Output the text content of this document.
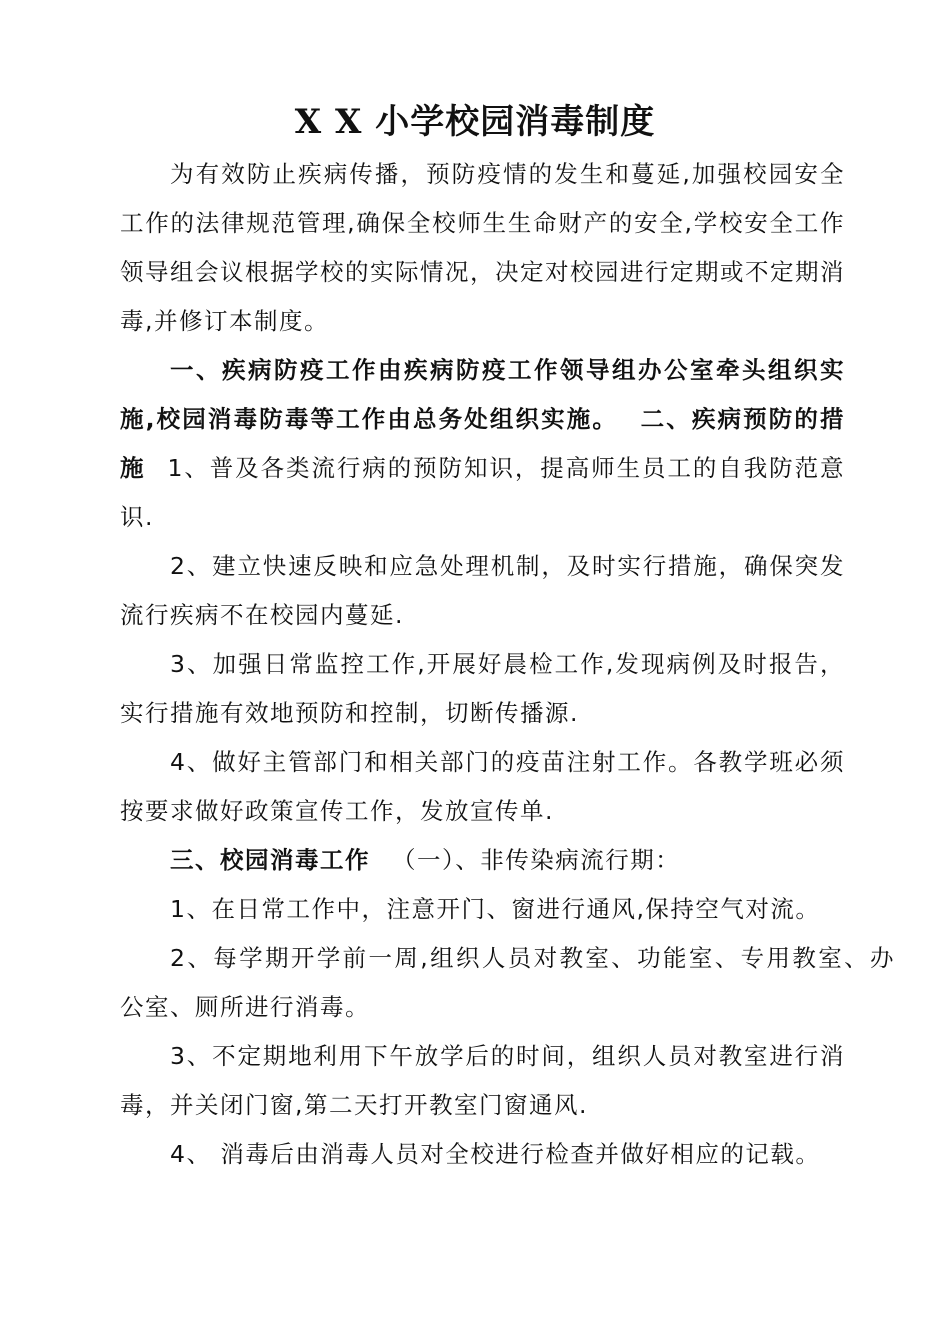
X X 小学校园消毒制度

为有效防止疾病传播，预防疫情的发生和蔓延,加强校园安全工作的法律规范管理,确保全校师生生命财产的安全,学校安全工作领导组会议根据学校的实际情况，决定对校园进行定期或不定期消毒,并修订本制度。

一、疾病防疫工作由疾病防疫工作领导组办公室牵头组织实施,校园消毒防毒等工作由总务处组织实施。 二、疾病预防的措施 1、普及各类流行病的预防知识，提高师生员工的自我防范意识.

2、建立快速反映和应急处理机制，及时实行措施，确保突发流行疾病不在校园内蔓延.

3、加强日常监控工作,开展好晨检工作,发现病例及时报告，实行措施有效地预防和控制，切断传播源.

4、做好主管部门和相关部门的疫苗注射工作。各教学班必须按要求做好政策宣传工作，发放宣传单.

三、校园消毒工作 （一）、非传染病流行期：

1、在日常工作中，注意开门、窗进行通风,保持空气对流。

2、每学期开学前一周,组织人员对教室、功能室、专用教室、办公室、厕所进行消毒。

3、不定期地利用下午放学后的时间，组织人员对教室进行消毒，并关闭门窗,第二天打开教室门窗通风.

4、 消毒后由消毒人员对全校进行检查并做好相应的记载。
